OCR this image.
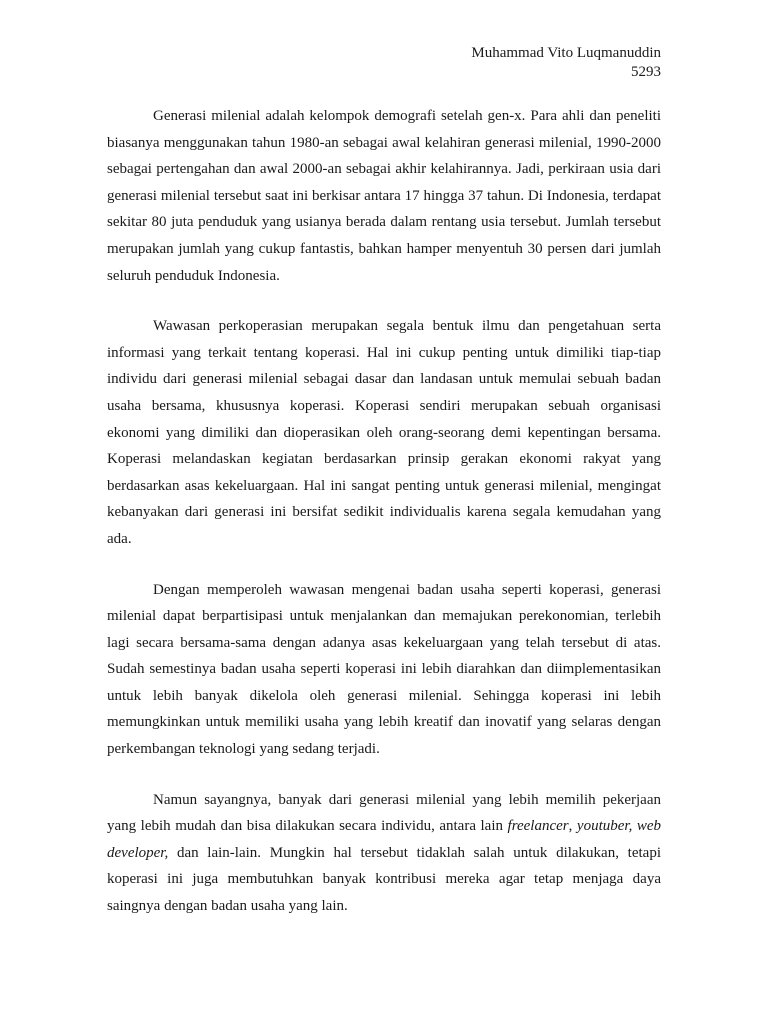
Muhammad Vito Luqmanuddin
5293

Generasi milenial adalah kelompok demografi setelah gen-x. Para ahli dan peneliti biasanya menggunakan tahun 1980-an sebagai awal kelahiran generasi milenial, 1990-2000 sebagai pertengahan dan awal 2000-an sebagai akhir kelahirannya. Jadi, perkiraan usia dari generasi milenial tersebut saat ini berkisar antara 17 hingga 37 tahun. Di Indonesia, terdapat sekitar 80 juta penduduk yang usianya berada dalam rentang usia tersebut. Jumlah tersebut merupakan jumlah yang cukup fantastis, bahkan hamper menyentuh 30 persen dari jumlah seluruh penduduk Indonesia.

Wawasan perkoperasian merupakan segala bentuk ilmu dan pengetahuan serta informasi yang terkait tentang koperasi. Hal ini cukup penting untuk dimiliki tiap-tiap individu dari generasi milenial sebagai dasar dan landasan untuk memulai sebuah badan usaha bersama, khususnya koperasi. Koperasi sendiri merupakan sebuah organisasi ekonomi yang dimiliki dan dioperasikan oleh orang-seorang demi kepentingan bersama. Koperasi melandaskan kegiatan berdasarkan prinsip gerakan ekonomi rakyat yang berdasarkan asas kekeluargaan. Hal ini sangat penting untuk generasi milenial, mengingat kebanyakan dari generasi ini bersifat sedikit individualis karena segala kemudahan yang ada.

Dengan memperoleh wawasan mengenai badan usaha seperti koperasi, generasi milenial dapat berpartisipasi untuk menjalankan dan memajukan perekonomian, terlebih lagi secara bersama-sama dengan adanya asas kekeluargaan yang telah tersebut di atas. Sudah semestinya badan usaha seperti koperasi ini lebih diarahkan dan diimplementasikan untuk lebih banyak dikelola oleh generasi milenial. Sehingga koperasi ini lebih memungkinkan untuk memiliki usaha yang lebih kreatif dan inovatif yang selaras dengan perkembangan teknologi yang sedang terjadi.

Namun sayangnya, banyak dari generasi milenial yang lebih memilih pekerjaan yang lebih mudah dan bisa dilakukan secara individu, antara lain freelancer, youtuber, web developer, dan lain-lain. Mungkin hal tersebut tidaklah salah untuk dilakukan, tetapi koperasi ini juga membutuhkan banyak kontribusi mereka agar tetap menjaga daya saingnya dengan badan usaha yang lain.
